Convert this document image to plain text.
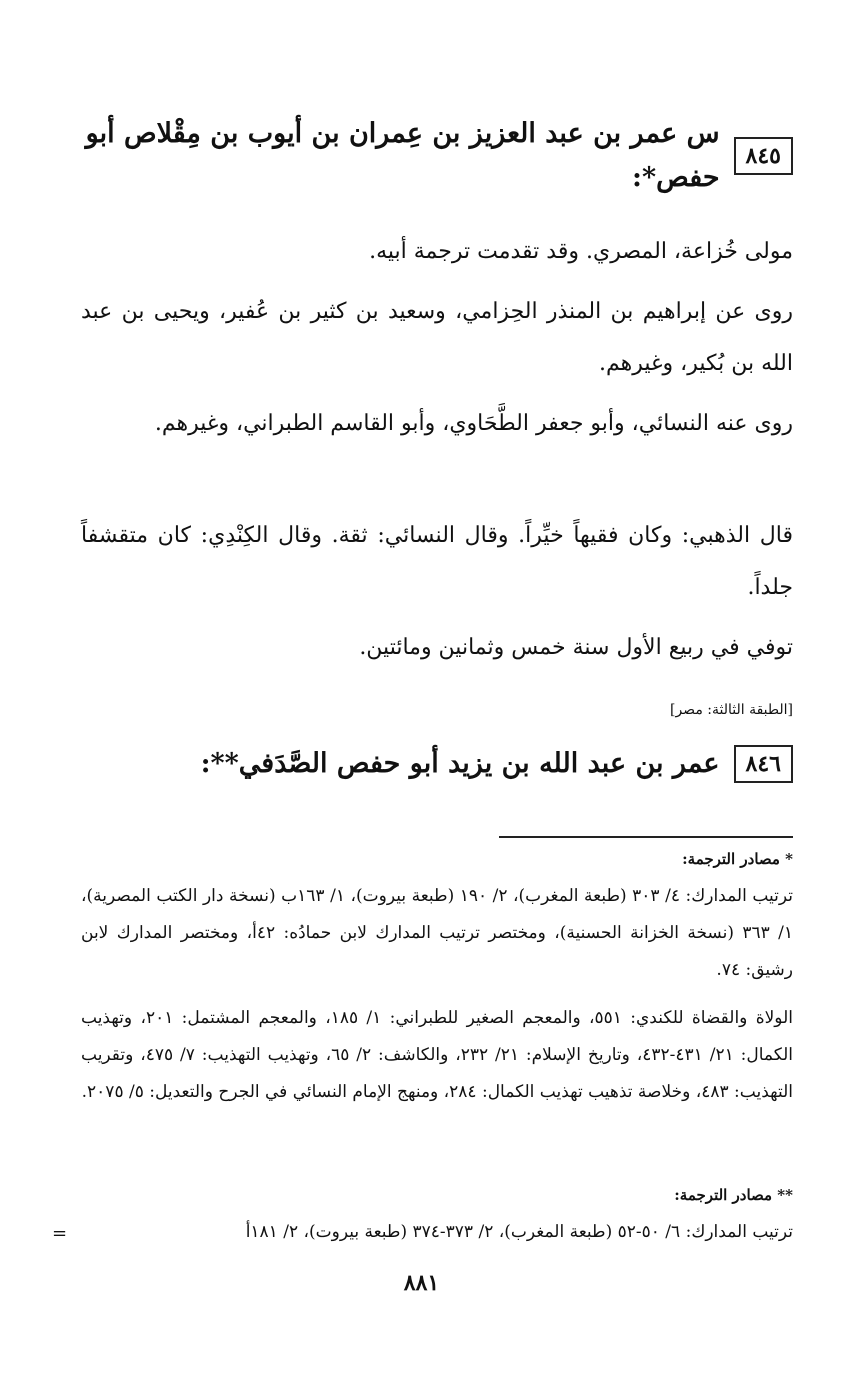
٨٤٥
س عمر بن عبد العزيز بن عِمران بن أيوب بن مِقْلاص أبو حفص*:

مولى خُزاعة، المصري. وقد تقدمت ترجمة أبيه.

روى عن إبراهيم بن المنذر الحِزامي، وسعيد بن كثير بن عُفير، ويحيى بن عبد الله بن بُكير، وغيرهم.

روى عنه النسائي، وأبو جعفر الطَّحَاوي، وأبو القاسم الطبراني، وغيرهم.

قال الذهبي: وكان فقيهاً خيِّراً. وقال النسائي: ثقة. وقال الكِنْدِي: كان متقشفاً جلداً.

توفي في ربيع الأول سنة خمس وثمانين ومائتين.

[الطبقة الثالثة: مصر]
٨٤٦
عمر بن عبد الله بن يزيد أبو حفص الصَّدَفي**:
* مصادر الترجمة:

ترتيب المدارك: ٤/ ٣٠٣ (طبعة المغرب)، ٢/ ١٩٠ (طبعة بيروت)، ١/ ١٦٣ب (نسخة دار الكتب المصرية)، ١/ ٣٦٣ (نسخة الخزانة الحسنية)، ومختصر ترتيب المدارك لابن حمادُه: ٤٢أ، ومختصر المدارك لابن رشيق: ٧٤.

الولاة والقضاة للكندي: ٥٥١، والمعجم الصغير للطبراني: ١/ ١٨٥، والمعجم المشتمل: ٢٠١، وتهذيب الكمال: ٢١/ ٤٣١-٤٣٢، وتاريخ الإسلام: ٢١/ ٢٣٢، والكاشف: ٢/ ٦٥، وتهذيب التهذيب: ٧/ ٤٧٥، وتقريب التهذيب: ٤٨٣، وخلاصة تذهيب تهذيب الكمال: ٢٨٤، ومنهج الإمام النسائي في الجرح والتعديل: ٥/ ٢٠٧٥.

** مصادر الترجمة:

ترتيب المدارك: ٦/ ٥٠-٥٢ (طبعة المغرب)، ٢/ ٣٧٣-٣٧٤ (طبعة بيروت)، ٢/ ١٨١أ

=
٨٨١
